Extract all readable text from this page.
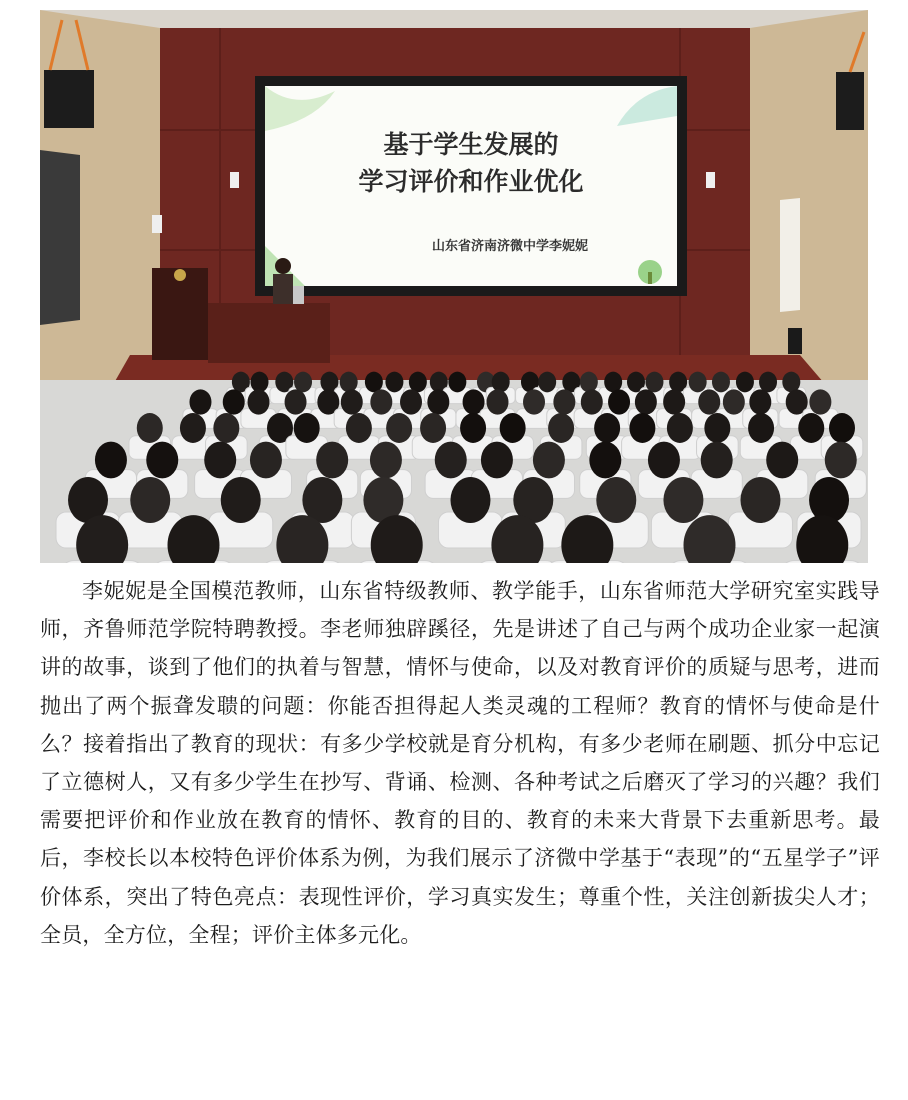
基于学生发展的
学习评价和作业优化
山东省济南济微中学李妮妮

李妮妮是全国模范教师，山东省特级教师、教学能手，山东省师范大学研究室实践导师，齐鲁师范学院特聘教授。李老师独辟蹊径，先是讲述了自己与两个成功企业家一起演讲的故事，谈到了他们的执着与智慧，情怀与使命，以及对教育评价的质疑与思考，进而抛出了两个振聋发聩的问题：你能否担得起人类灵魂的工程师？教育的情怀与使命是什么？接着指出了教育的现状：有多少学校就是育分机构，有多少老师在刷题、抓分中忘记了立德树人，又有多少学生在抄写、背诵、检测、各种考试之后磨灭了学习的兴趣？我们需要把评价和作业放在教育的情怀、教育的目的、教育的未来大背景下去重新思考。最后，李校长以本校特色评价体系为例，为我们展示了济微中学基于“表现”的“五星学子”评价体系，突出了特色亮点：表现性评价，学习真实发生；尊重个性，关注创新拔尖人才；全员，全方位，全程；评价主体多元化。
